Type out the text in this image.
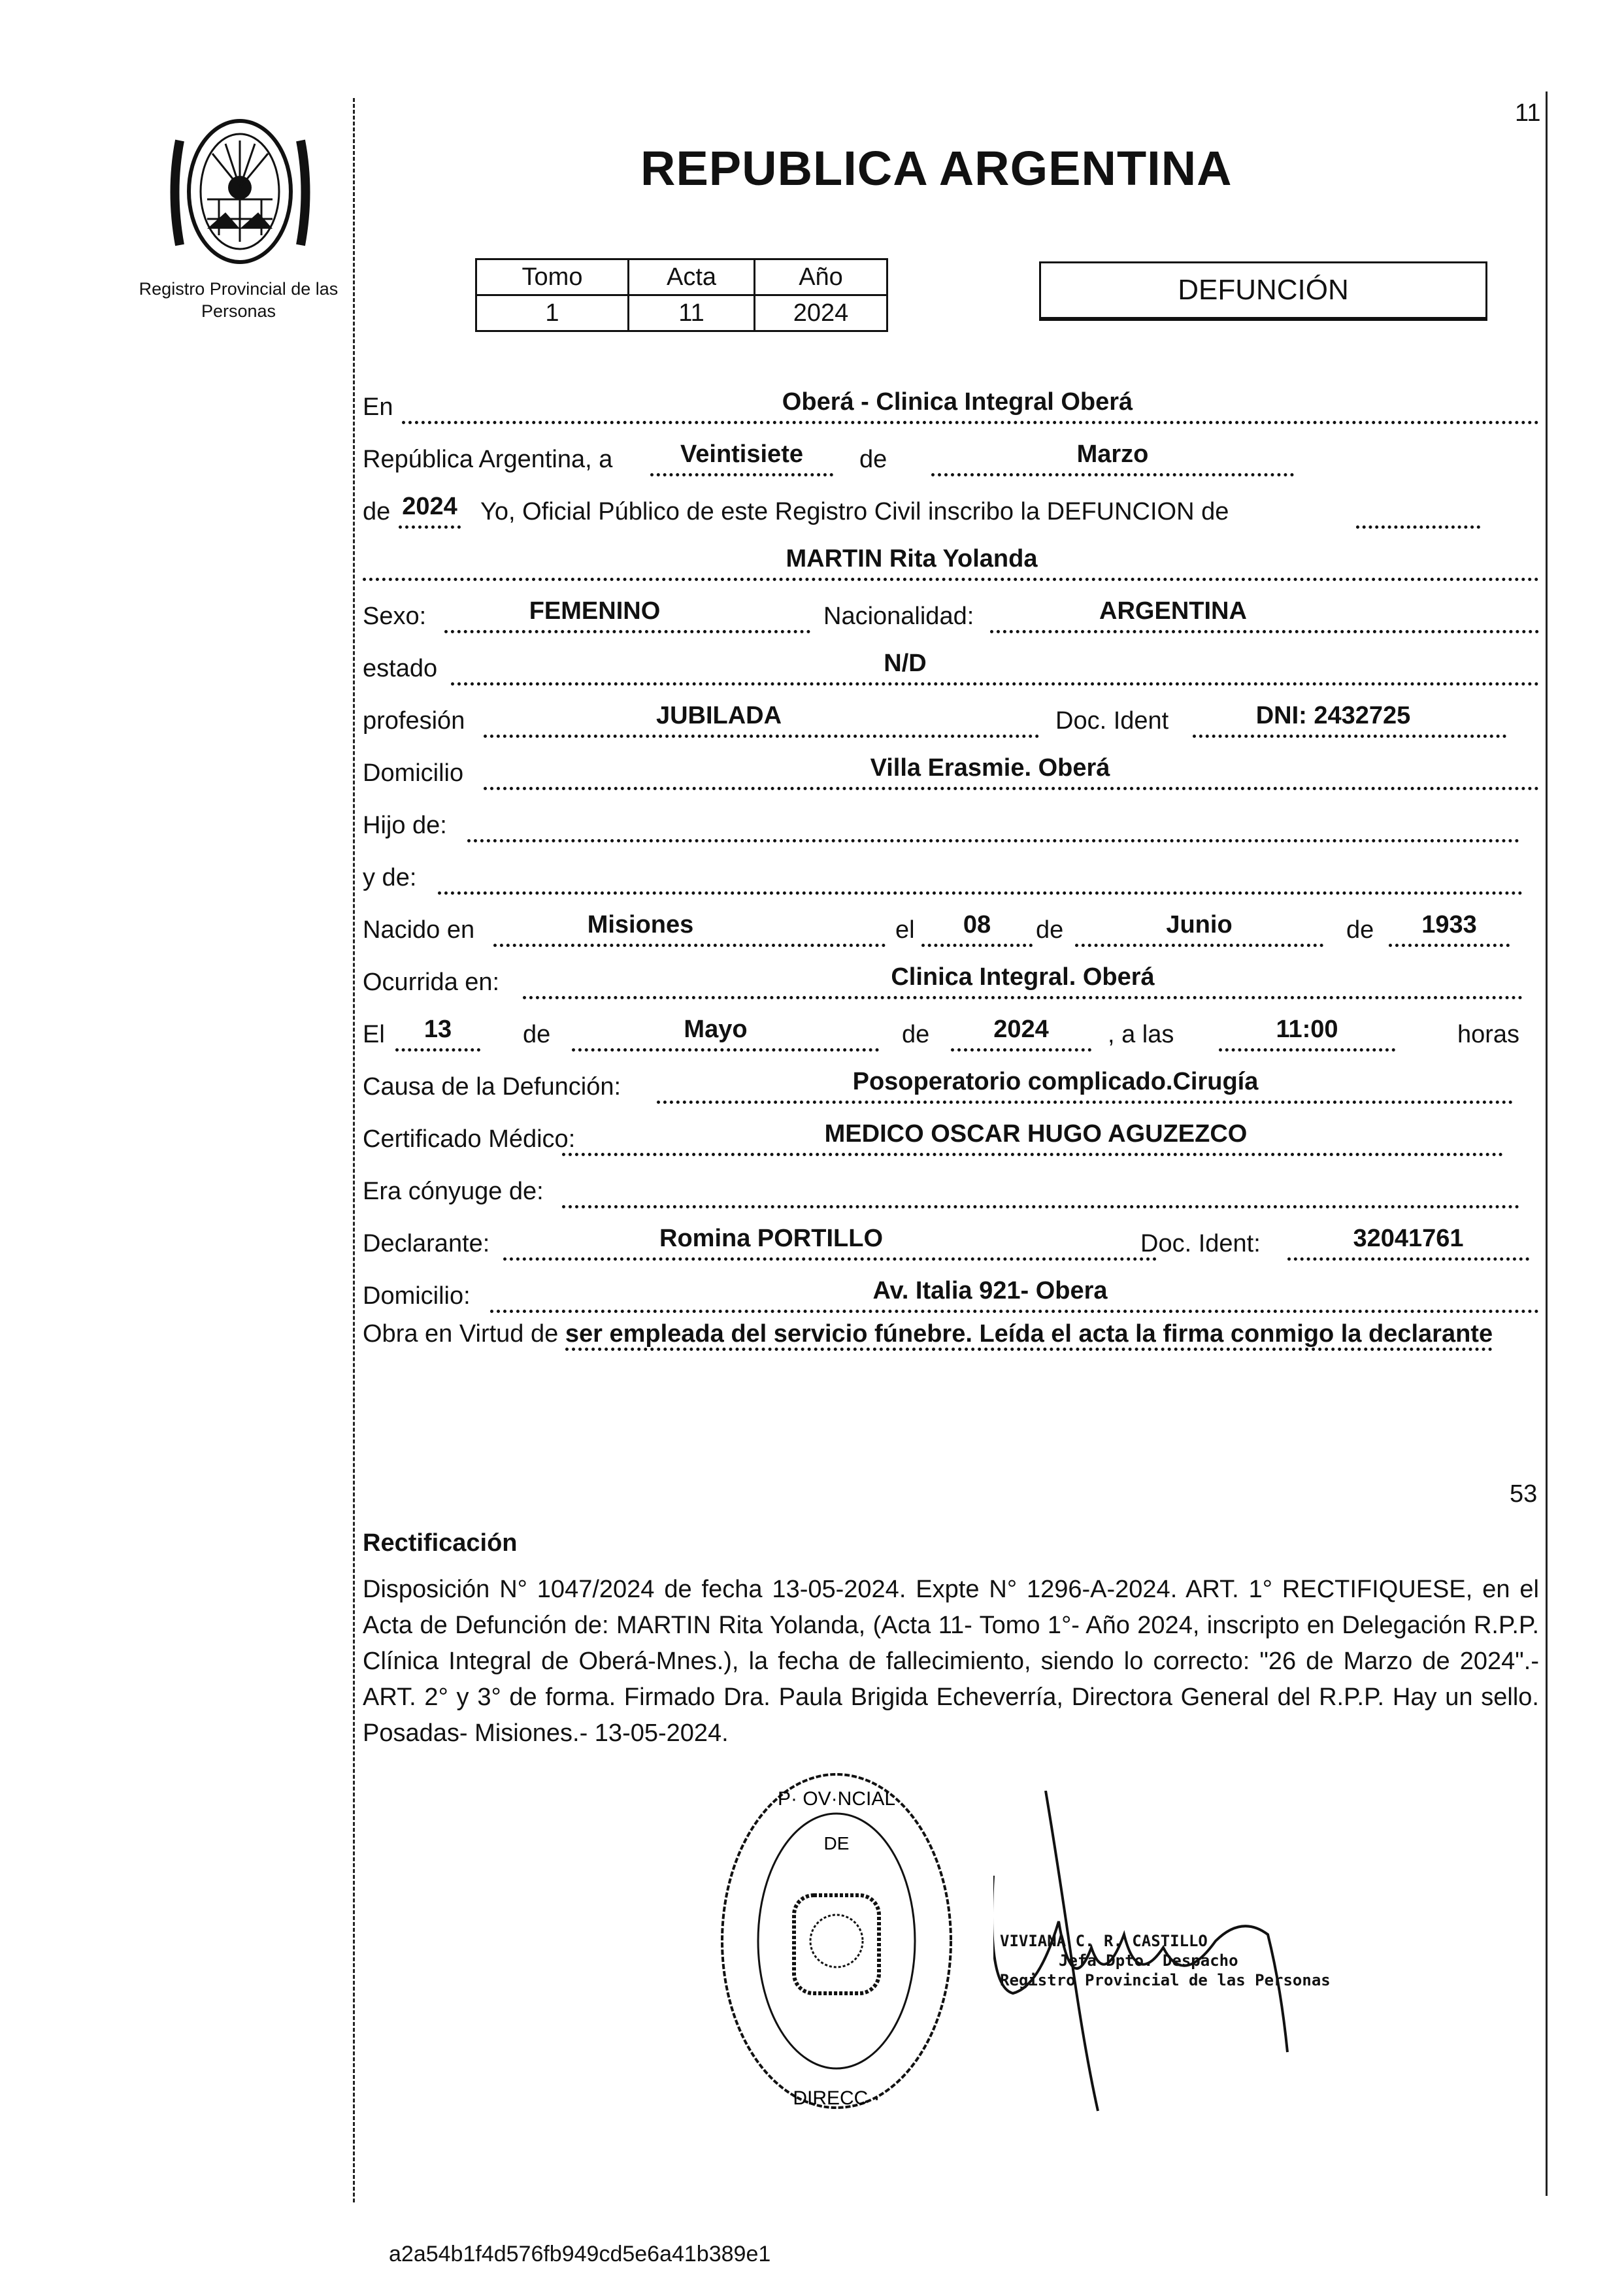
Registro Provincial de las Personas
11
REPUBLICA ARGENTINA
Tomo	Acta	Año
1	11	2024
DEFUNCIÓN
En	Oberá - Clinica Integral Oberá
República Argentina, a	Veintisiete	de	Marzo
de 2024 Yo, Oficial Público de este Registro Civil inscribo la DEFUNCION de
MARTIN Rita Yolanda
Sexo:	FEMENINO	Nacionalidad:	ARGENTINA
estado	N/D
profesión	JUBILADA	Doc. Ident	DNI: 2432725
Domicilio	Villa Erasmie. Oberá
Hijo de:
y de:
Nacido en	Misiones	el	08	de	Junio	de	1933
Ocurrida en:	Clinica Integral. Oberá
El	13	de	Mayo	de	2024	, a las	11:00	horas
Causa de la Defunción:	Posoperatorio complicado.Cirugía
Certificado Médico:	MEDICO OSCAR HUGO AGUZEZCO
Era cónyuge de:
Declarante:	Romina PORTILLO	Doc. Ident:	32041761
Domicilio:	Av. Italia 921- Obera
Obra en Virtud de ser empleada del servicio fúnebre. Leída el acta la firma conmigo la declarante
53
Rectificación
Disposición N° 1047/2024 de fecha 13-05-2024. Expte N° 1296-A-2024. ART. 1° RECTIFIQUESE, en el Acta de Defunción de: MARTIN Rita Yolanda, (Acta 11- Tomo 1°- Año 2024, inscripto en Delegación R.P.P. Clínica Integral de Oberá-Mnes.), la fecha de fallecimiento, siendo lo correcto: "26 de Marzo de 2024".- ART. 2° y 3° de forma. Firmado Dra. Paula Brigida Echeverría, Directora General del R.P.P. Hay un sello. Posadas- Misiones.- 13-05-2024.
P· OV·NCIAL
DIRECC ·
DE
VIVIANA C. R. CASTILLO
Jefa Dpto. Despacho
Registro Provincial de las Personas
a2a54b1f4d576fb949cd5e6a41b389e1
